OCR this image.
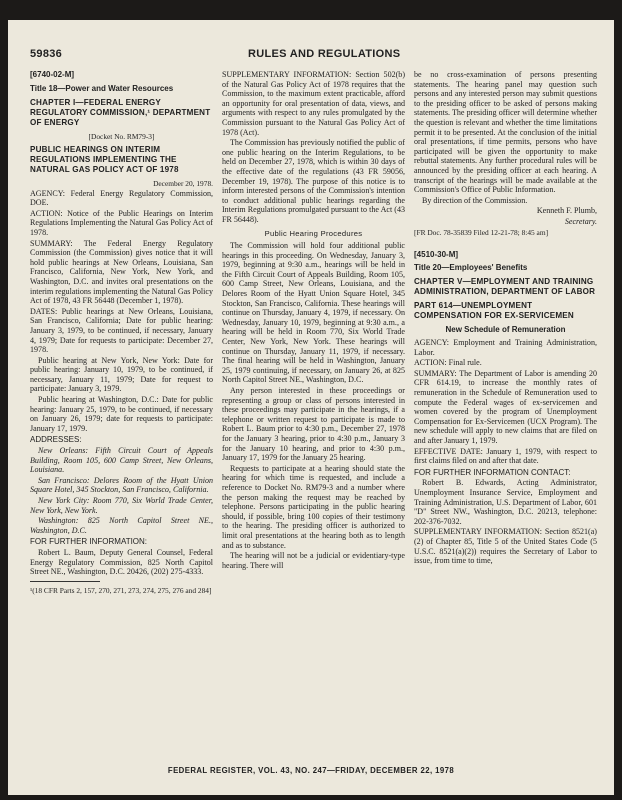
59836	RULES AND REGULATIONS
[6740-02-M]
Title 18—Power and Water Resources
CHAPTER I—FEDERAL ENERGY REGULATORY COMMISSION,¹ DEPARTMENT OF ENERGY

[Docket No. RM79-3]

PUBLIC HEARINGS ON INTERIM REGULATIONS IMPLEMENTING THE NATURAL GAS POLICY ACT OF 1978

December 20, 1978.

AGENCY: Federal Energy Regulatory Commission, DOE.

ACTION: Notice of the Public Hearings on Interim Regulations Implementing the Natural Gas Policy Act of 1978.

SUMMARY: The Federal Energy Regulatory Commission (the Commission) gives notice that it will hold public hearings at New Orleans, Louisiana, San Francisco, California, New York, New York, and Washington, D.C. and invites oral presentations on the interim regulations implementing the Natural Gas Policy Act of 1978, 43 FR 56448 (December 1, 1978).

DATES: Public hearings at New Orleans, Louisiana, San Francisco, California; Date for public hearing: January 3, 1979, to be continued, if necessary, January 4, 1979; Date for requests to participate: December 27, 1978.

Public hearing at New York, New York: Date for public hearing: January 10, 1979, to be continued, if necessary, January 11, 1979; Date for request to participate: January 3, 1979.

Public hearing at Washington, D.C.: Date for public hearing: January 25, 1979, to be continued, if necessary on January 26, 1979; date for requests to participate: January 17, 1979.

ADDRESSES:

New Orleans: Fifth Circuit Court of Appeals Building, Room 105, 600 Camp Street, New Orleans, Louisiana.

San Francisco: Delores Room of the Hyatt Union Square Hotel, 345 Stockton, San Francisco, California.

New York City: Room 770, Six World Trade Center, New York, New York.

Washington: 825 North Capitol Street NE., Washington, D.C.

FOR FURTHER INFORMATION:

Robert L. Baum, Deputy General Counsel, Federal Energy Regulatory Commission, 825 North Capitol Street NE., Washington, D.C. 20426, (202) 275-4333.

¹(18 CFR Parts 2, 157, 270, 271, 273, 274, 275, 276 and 284]

SUPPLEMENTARY INFORMATION: Section 502(b) of the Natural Gas Policy Act of 1978 requires that the Commission, to the maximum extent practicable, afford an opportunity for oral presentation of data, views, and arguments with respect to any rules promulgated by the Commission pursuant to the Natural Gas Policy Act of 1978 (Act).

The Commission has previously notified the public of one public hearing on the Interim Regulations, to be held on December 27, 1978, which is within 30 days of the effective date of the regulations (43 FR 59056, December 19, 1978). The purpose of this notice is to inform interested persons of the Commission's intention to conduct additional public hearings regarding the Interim Regulations promulgated pursuant to the Act (43 FR 56448).

Public Hearing Procedures

The Commission will hold four additional public hearings in this proceeding. On Wednesday, January 3, 1979, beginning at 9:30 a.m., hearings will be held in the Fifth Circuit Court of Appeals Building, Room 105, 600 Camp Street, New Orleans, Louisiana, and the Delores Room of the Hyatt Union Square Hotel, 345 Stockton, San Francisco, California. These hearings will continue on Thursday, January 4, 1979, if necessary. On Wednesday, January 10, 1979, beginning at 9:30 a.m., a hearing will be held in Room 770, Six World Trade Center, New York, New York. These hearings will continue on Thursday, January 11, 1979, if necessary. The final hearing will be held in Washington, January 25, 1979 continuing, if necessary, on January 26, at 825 North Capitol Street NE., Washington, D.C.

Any person interested in these proceedings or representing a group or class of persons interested in these proceedings may participate in the hearings, if a telephone or written request to participate is made to Robert L. Baum prior to 4:30 p.m., December 27, 1978 for the January 3 hearing, prior to 4:30 p.m., January 3 for the January 10 hearing, and prior to 4:30 p.m., January 17, 1979 for the January 25 hearing.

Requests to participate at a hearing should state the hearing for which time is requested, and include a reference to Docket No. RM79-3 and a number where the person making the request may be reached by telephone. Persons participating in the public hearing should, if possible, bring 100 copies of their testimony to the hearing. The presiding officer is authorized to limit oral presentations at the hearing both as to length and as to substance.

The hearing will not be a judicial or evidentiary-type hearing. There will

be no cross-examination of persons presenting statements. The hearing panel may question such persons and any interested person may submit questions to the presiding officer to be asked of persons making statements. The presiding officer will determine whether the question is relevant and whether the time limitations permit it to be presented. At the conclusion of the initial oral presentations, if time permits, persons who have participated will be given the opportunity to make rebuttal statements. Any further procedural rules will be announced by the presiding officer at each hearing. A transcript of the hearings will be made available at the Commission's Office of Public Information.

By direction of the Commission.

Kenneth F. Plumb,

Secretary.

[FR Doc. 78-35839 Filed 12-21-78; 8:45 am]

[4510-30-M]
Title 20—Employees' Benefits
CHAPTER V—EMPLOYMENT AND TRAINING ADMINISTRATION, DEPARTMENT OF LABOR
PART 614—UNEMPLOYMENT COMPENSATION FOR EX-SERVICEMEN
New Schedule of Remuneration

AGENCY: Employment and Training Administration, Labor.

ACTION: Final rule.

SUMMARY: The Department of Labor is amending 20 CFR 614.19, to increase the monthly rates of remuneration in the Schedule of Remuneration used to compute the Federal wages of ex-servicemen and women covered by the program of Unemployment Compensation for Ex-Servicemen (UCX Program). The new schedule will apply to new claims that are filed on and after January 1, 1979.

EFFECTIVE DATE: January 1, 1979, with respect to first claims filed on and after that date.

FOR FURTHER INFORMATION CONTACT:

Robert B. Edwards, Acting Administrator, Unemployment Insurance Service, Employment and Training Administration, U.S. Department of Labor, 601 "D" Street NW., Washington, D.C. 20213, telephone: 202-376-7032.

SUPPLEMENTARY INFORMATION: Section 8521(a)(2) of Chapter 85, Title 5 of the United States Code (5 U.S.C. 8521(a)(2)) requires the Secretary of Labor to issue, from time to time,

FEDERAL REGISTER, VOL. 43, NO. 247—FRIDAY, DECEMBER 22, 1978
